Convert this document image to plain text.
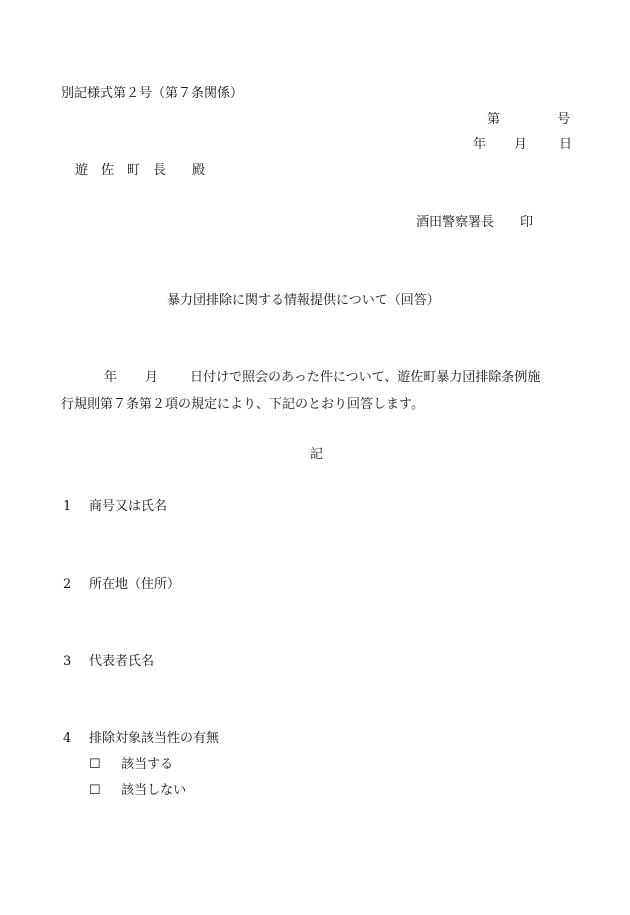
別記様式第２号（第７条関係）
第	号
年 月 日
遊　佐　町　長　　殿
酒田警察署長　　印
暴力団排除に関する情報提供について（回答）
年 月 日付けで照会のあった件について、遊佐町暴力団排除条例施
行規則第７条第２項の規定により、下記のとおり回答します。
記
1 商号又は氏名
2 所在地（住所）
3 代表者氏名
4 排除対象該当性の有無
☐ 該当する
☐ 該当しない
